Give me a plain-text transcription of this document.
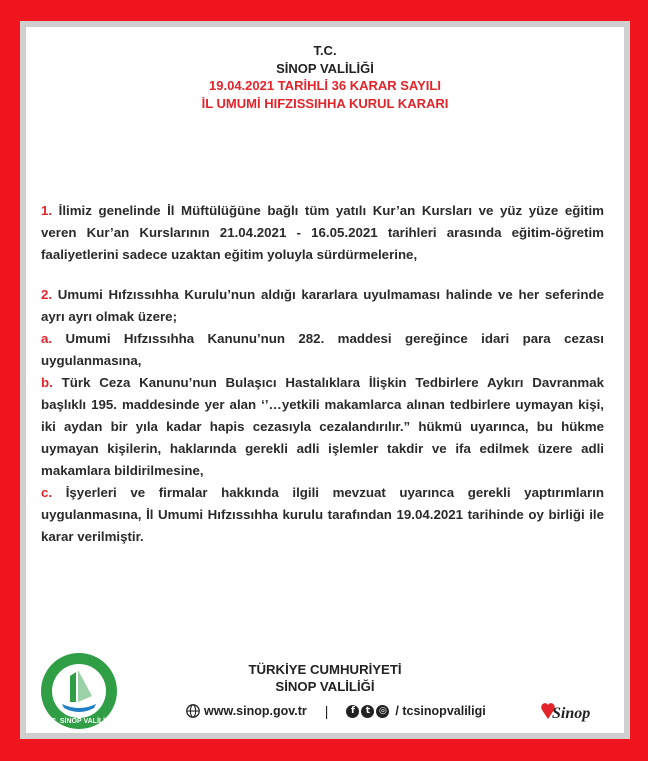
T.C.
SİNOP VALİLİĞİ
19.04.2021 TARİHLİ 36 KARAR SAYILI
İL UMUMİ HIFZISSIHHA KURUL KARARI

1. İlimiz genelinde İl Müftülüğüne bağlı tüm yatılı Kur’an Kursları ve yüz yüze eğitim veren Kur’an Kurslarının 21.04.2021 - 16.05.2021 tarihleri arasında eğitim-öğretim faaliyetlerini sadece uzaktan eğitim yoluyla sürdürmelerine,

2. Umumi Hıfzıssıhha Kurulu’nun aldığı kararlara uyulmaması halinde ve her seferinde ayrı ayrı olmak üzere;

a. Umumi Hıfzıssıhha Kanunu’nun 282. maddesi gereğince idari para cezası uygulanmasına,

b. Türk Ceza Kanunu’nun Bulaşıcı Hastalıklara İlişkin Tedbirlere Aykırı Davranmak başlıklı 195. maddesinde yer alan ‘’…yetkili makamlarca alınan tedbirlere uymayan kişi, iki aydan bir yıla kadar hapis cezasıyla cezalandırılır.” hükmü uyarınca, bu hükme uymayan kişilerin, haklarında gerekli adli işlemler takdir ve ifa edilmek üzere adli makamlara bildirilmesine,

c. İşyerleri ve firmalar hakkında ilgili mevzuat uyarınca gerekli yaptırımların uygulanmasına, İl Umumi Hıfzıssıhha kurulu tarafından 19.04.2021 tarihinde oy birliği ile karar verilmiştir.

T.C. SİNOP VALİLİĞİ
TÜRKİYE CUMHURİYETİ
SİNOP VALİLİĞİ
www.sinop.gov.tr |	f	t ◎ / tcsinopvaliligi	Sinop
